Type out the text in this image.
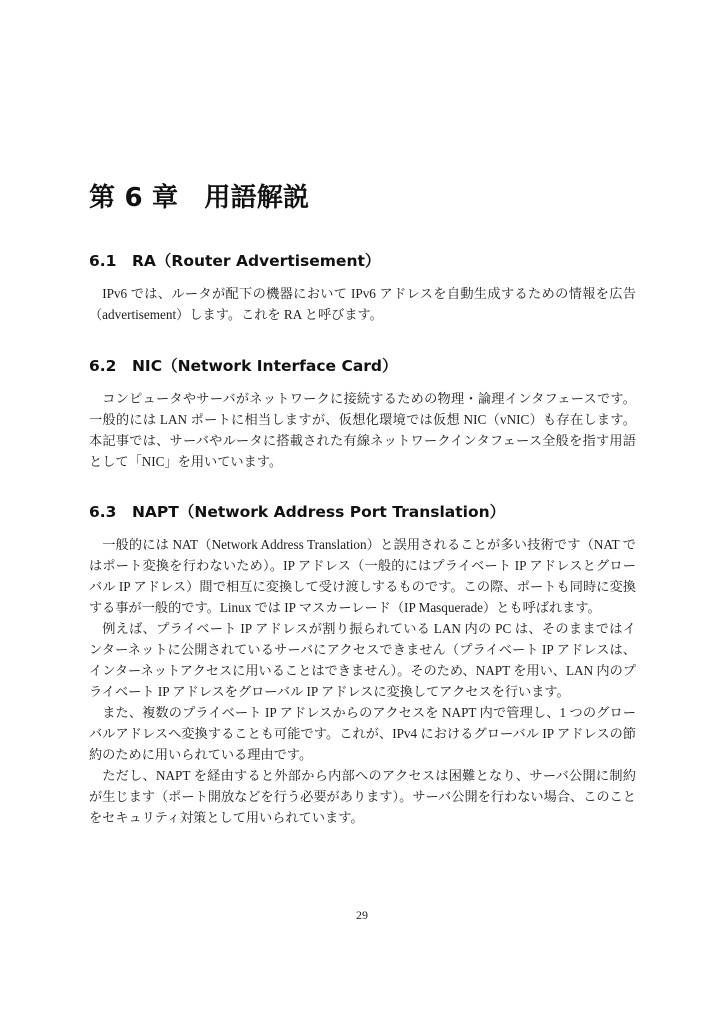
第 6 章　用語解説
6.1　RA（Router Advertisement）

IPv6 では、ルータが配下の機器において IPv6 アドレスを自動生成するための情報を広告（advertisement）します。これを RA と呼びます。

6.2　NIC（Network Interface Card）

コンピュータやサーバがネットワークに接続するための物理・論理インタフェースです。一般的には LAN ポートに相当しますが、仮想化環境では仮想 NIC（vNIC）も存在します。本記事では、サーバやルータに搭載された有線ネットワークインタフェース全般を指す用語として「NIC」を用いています。

6.3　NAPT（Network Address Port Translation）

一般的には NAT（Network Address Translation）と誤用されることが多い技術です（NAT ではポート変換を行わないため）。IP アドレス（一般的にはプライベート IP アドレスとグローバル IP アドレス）間で相互に変換して受け渡しするものです。この際、ポートも同時に変換する事が一般的です。Linux では IP マスカーレード（IP Masquerade）とも呼ばれます。

例えば、プライベート IP アドレスが割り振られている LAN 内の PC は、そのままではインターネットに公開されているサーバにアクセスできません（プライベート IP アドレスは、インターネットアクセスに用いることはできません）。そのため、NAPT を用い、LAN 内のプライベート IP アドレスをグローバル IP アドレスに変換してアクセスを行います。

また、複数のプライベート IP アドレスからのアクセスを NAPT 内で管理し、1 つのグローバルアドレスへ変換することも可能です。これが、IPv4 におけるグローバル IP アドレスの節約のために用いられている理由です。

ただし、NAPT を経由すると外部から内部へのアクセスは困難となり、サーバ公開に制約が生じます（ポート開放などを行う必要があります）。サーバ公開を行わない場合、このことをセキュリティ対策として用いられています。

29
